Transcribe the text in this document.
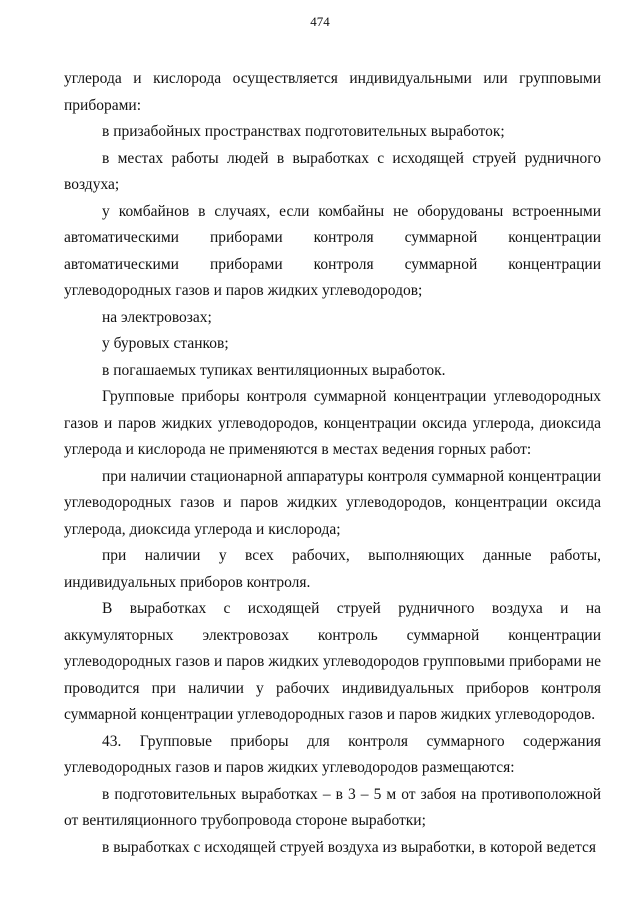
474

углерода и кислорода осуществляется индивидуальными или групповыми приборами:

в призабойных пространствах подготовительных выработок;

в местах работы людей в выработках с исходящей струей рудничного воздуха;

у комбайнов в случаях, если комбайны не оборудованы встроенными автоматическими приборами контроля суммарной концентрации автоматическими приборами контроля суммарной концентрации углеводородных газов и паров жидких углеводородов;

на электровозах;

у буровых станков;

в погашаемых тупиках вентиляционных выработок.

Групповые приборы контроля суммарной концентрации углеводородных газов и паров жидких углеводородов, концентрации оксида углерода, диоксида углерода и кислорода не применяются в местах ведения горных работ:

при наличии стационарной аппаратуры контроля суммарной концентрации углеводородных газов и паров жидких углеводородов, концентрации оксида углерода, диоксида углерода и кислорода;

при наличии у всех рабочих, выполняющих данные работы, индивидуальных приборов контроля.

В выработках с исходящей струей рудничного воздуха и на аккумуляторных электровозах контроль суммарной концентрации углеводородных газов и паров жидких углеводородов групповыми приборами не проводится при наличии у рабочих индивидуальных приборов контроля суммарной концентрации углеводородных газов и паров жидких углеводородов.

43. Групповые приборы для контроля суммарного содержания углеводородных газов и паров жидких углеводородов размещаются:

в подготовительных выработках – в 3 – 5 м от забоя на противоположной от вентиляционного трубопровода стороне выработки;

в выработках с исходящей струей воздуха из выработки, в которой ведется
